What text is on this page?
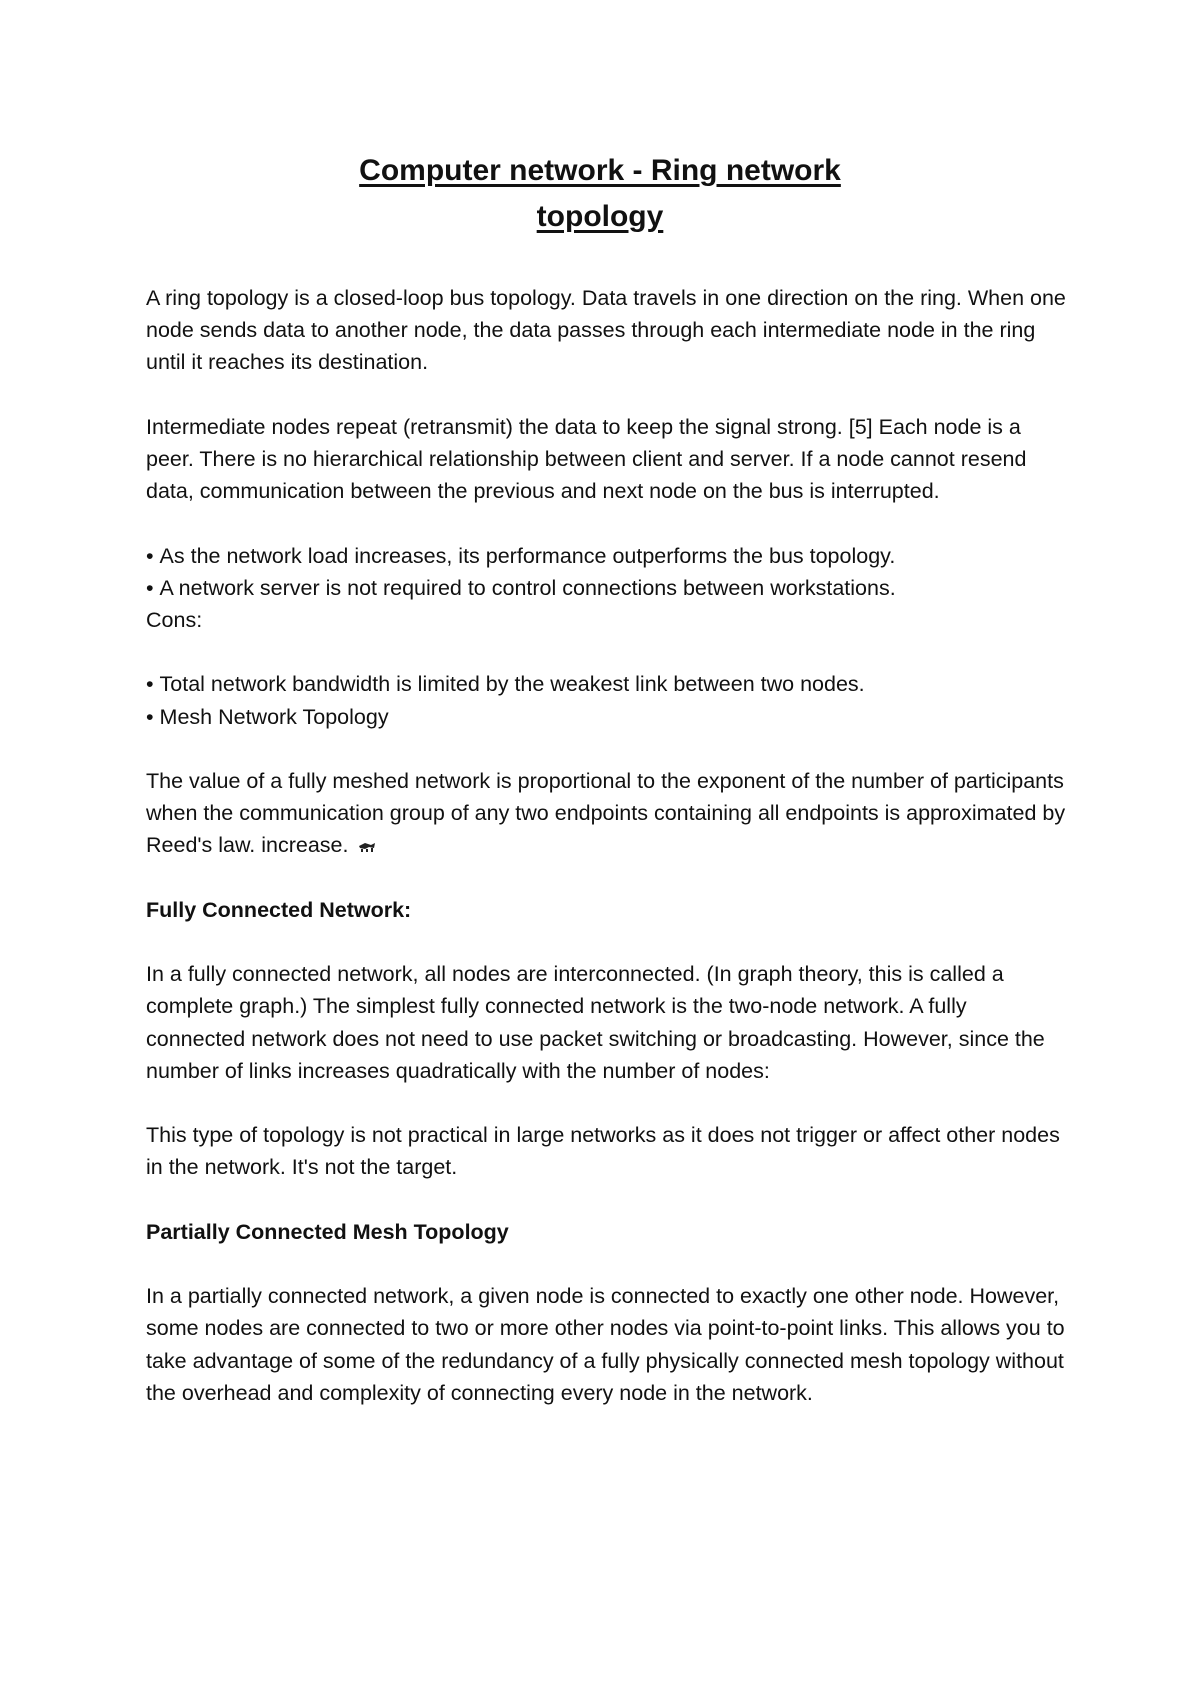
Computer network - Ring network
topology

A ring topology is a closed-loop bus topology. Data travels in one direction on the ring. When one node sends data to another node, the data passes through each intermediate node in the ring until it reaches its destination.

Intermediate nodes repeat (retransmit) the data to keep the signal strong. [5] Each node is a peer. There is no hierarchical relationship between client and server. If a node cannot resend data, communication between the previous and next node on the bus is interrupted.

• As the network load increases, its performance outperforms the bus topology.
• A network server is not required to control connections between workstations.

Cons:

• Total network bandwidth is limited by the weakest link between two nodes.
• Mesh Network Topology

The value of a fully meshed network is proportional to the exponent of the number of participants when the communication group of any two endpoints containing all endpoints is approximated by Reed's law. increase.

Fully Connected Network:

In a fully connected network, all nodes are interconnected. (In graph theory, this is called a complete graph.) The simplest fully connected network is the two-node network. A fully connected network does not need to use packet switching or broadcasting. However, since the number of links increases quadratically with the number of nodes:

This type of topology is not practical in large networks as it does not trigger or affect other nodes in the network. It's not the target.

Partially Connected Mesh Topology

In a partially connected network, a given node is connected to exactly one other node. However, some nodes are connected to two or more other nodes via point-to-point links. This allows you to take advantage of some of the redundancy of a fully physically connected mesh topology without the overhead and complexity of connecting every node in the network.
